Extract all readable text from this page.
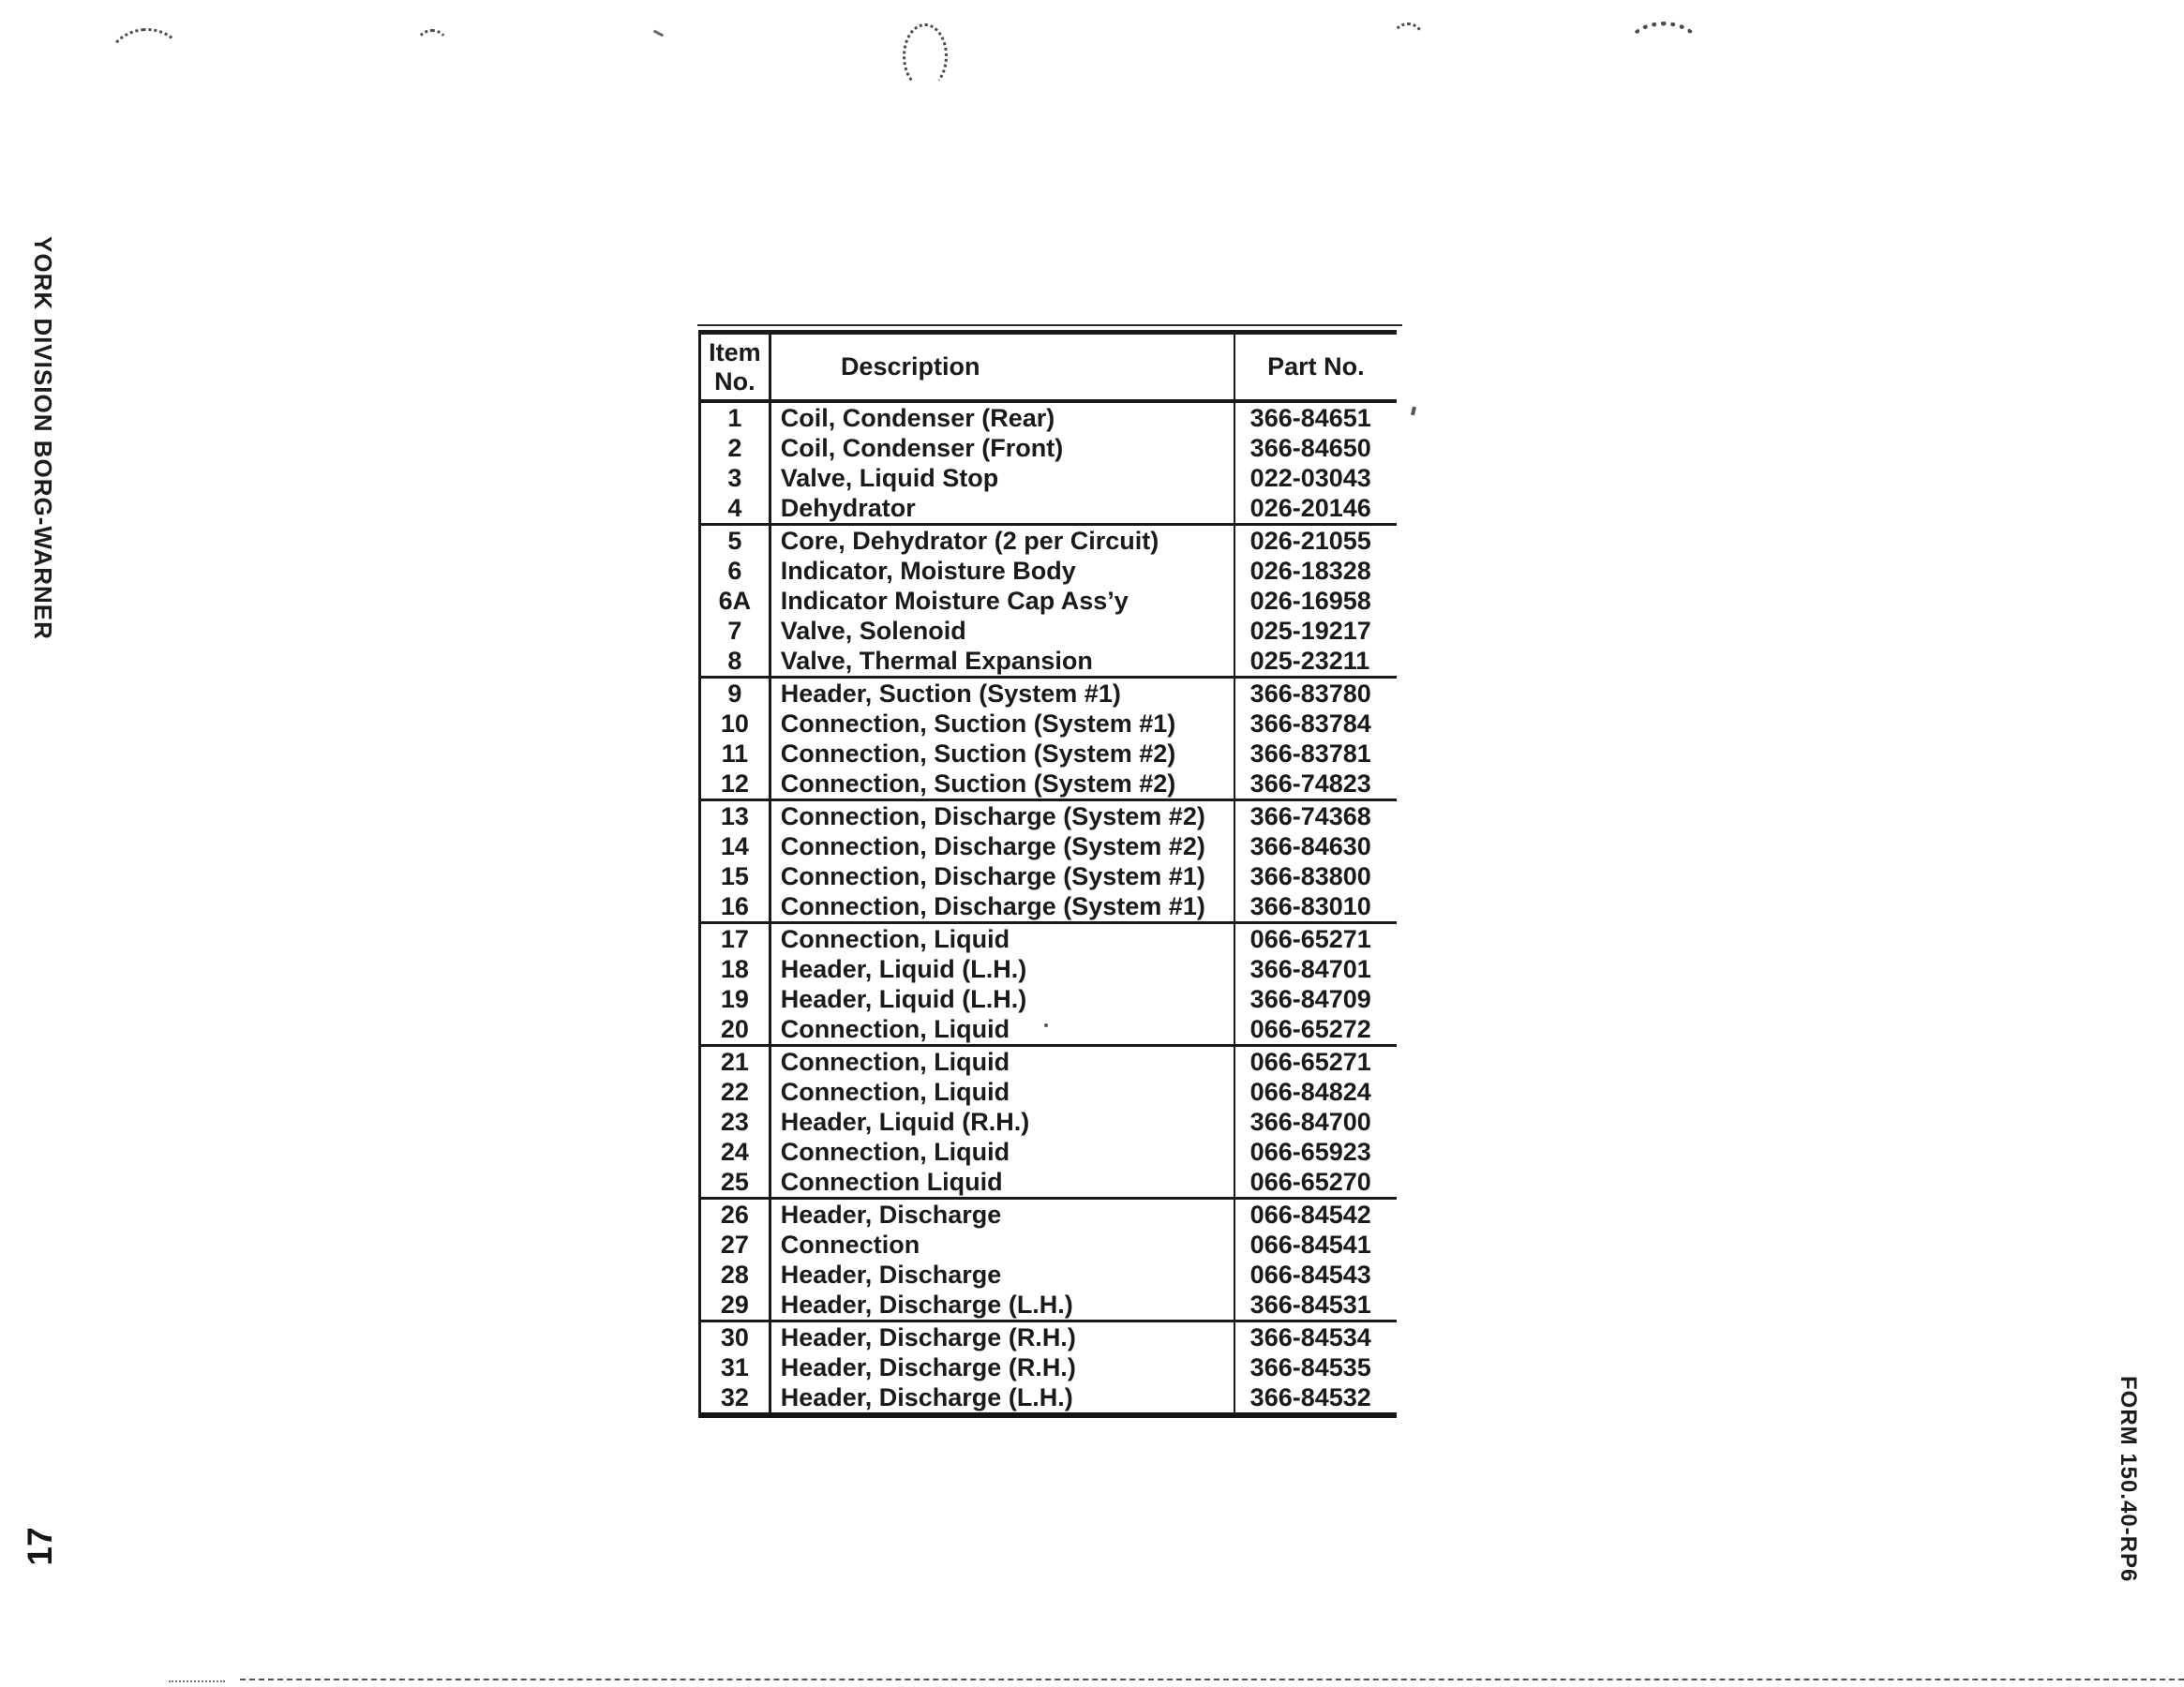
YORK DIVISION BORG-WARNER
17	FORM 150.40-RP6
Item
No.
Description	Part No.
1	Coil, Condenser (Rear)	366-84651
2	Coil, Condenser (Front)	366-84650
3	Valve, Liquid Stop	022-03043
4	Dehydrator	026-20146
5	Core, Dehydrator (2 per Circuit)	026-21055
6	Indicator, Moisture Body	026-18328
6A	Indicator Moisture Cap Ass’y	026-16958
7	Valve, Solenoid	025-19217
8	Valve, Thermal Expansion	025-23211
9	Header, Suction (System #1)	366-83780
10	Connection, Suction (System #1)	366-83784
11	Connection, Suction (System #2)	366-83781
12	Connection, Suction (System #2)	366-74823
13	Connection, Discharge (System #2)	366-74368
14	Connection, Discharge (System #2)	366-84630
15	Connection, Discharge (System #1)	366-83800
16	Connection, Discharge (System #1)	366-83010
17	Connection, Liquid	066-65271
18	Header, Liquid (L.H.)	366-84701
19	Header, Liquid (L.H.)	366-84709
20	Connection, Liquid	066-65272
21	Connection, Liquid	066-65271
22	Connection, Liquid	066-84824
23	Header, Liquid (R.H.)	366-84700
24	Connection, Liquid	066-65923
25	Connection Liquid	066-65270
26	Header, Discharge	066-84542
27	Connection	066-84541
28	Header, Discharge	066-84543
29	Header, Discharge (L.H.)	366-84531
30	Header, Discharge (R.H.)	366-84534
31	Header, Discharge (R.H.)	366-84535
32	Header, Discharge (L.H.)	366-84532
